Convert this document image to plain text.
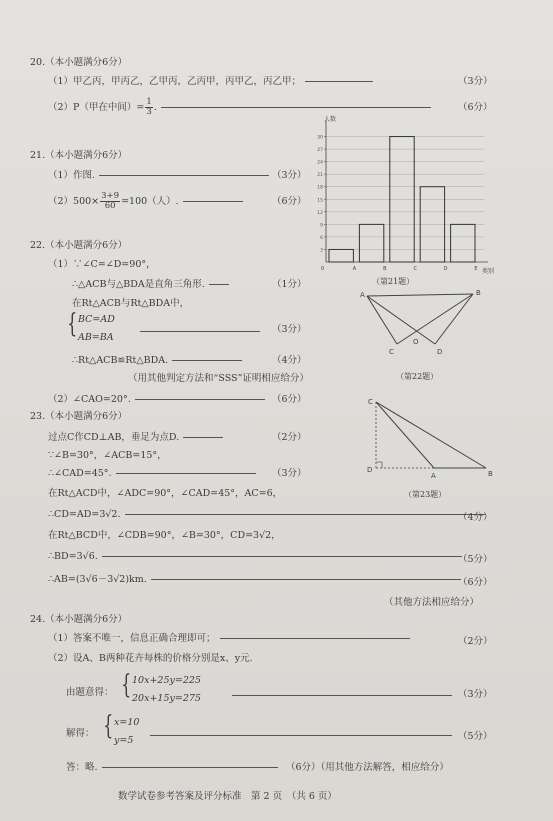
20.（本小题满分6分）
（1）甲乙丙，甲丙乙，乙甲丙，乙丙甲，丙甲乙，丙乙甲；	（3分）
（2）P（甲在中间）= $\frac{1}{3}$ .	（6分）
21.（本小题满分6分）
（1）作图.	（3分）
$(2)500\times \frac{3+9}{60} =100$（人）.	（6分）
3
6
9
12
15
18
21
24
27
30
人数
类别
0	A	B	C	D	E
（第21题）
22.（本小题满分6分）
（1）∵∠C=∠D=90°，
∴△ACB与△BDA是直角三角形.	（1分）
在Rt△ACB与Rt△BDA中，
{ BC=AD
AB=BA
（3分）
∴Rt△ACB≌Rt△BDA.	（4分）
（用其他判定方法和“SSS”证明相应给分）
（2）∠CAO=20°.	（6分）
A	B
C	D
O
（第22题）
23.（本小题满分6分）
过点C作CD⊥AB，垂足为点D.	（2分）
∵∠B=30°，∠ACB=15°，
∴∠CAD=45°.	（3分）
在Rt△ACD中，∠ADC=90°，∠CAD=45°，AC=6，
∴CD=AD=3√2.	（4分）
在Rt△BCD中，∠CDB=90°，∠B=30°，CD=3√2，
∴BD=3√6.	（5分）
∴AB=(3√6－3√2)km.	（6分）
（其他方法相应给分）
C
D
A	B
（第23题）
24.（本小题满分6分）
（1）答案不唯一，信息正确合理即可；	（2分）
（2）设A、B两种花卉每株的价格分别是x、y元.
由题意得： { 10x+25y=225
20x+15y=275	（3分）
解得： { x=10
y=5	（5分）
答：略.	（6分）（用其他方法解答，相应给分）
数学试卷参考答案及评分标准　第 2 页　（共 6 页）
